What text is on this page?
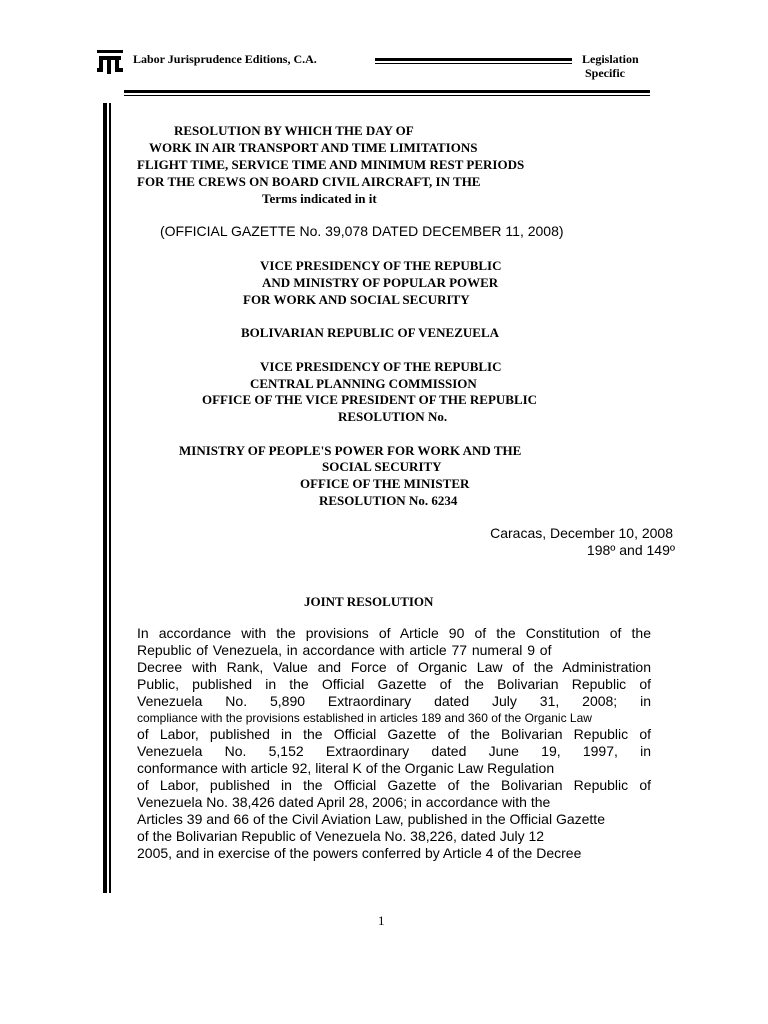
Labor Jurisprudence Editions, C.A.	Legislation
Specific
RESOLUTION BY WHICH THE DAY OF
WORK IN AIR TRANSPORT AND TIME LIMITATIONS
FLIGHT TIME, SERVICE TIME AND MINIMUM REST PERIODS
FOR THE CREWS ON BOARD CIVIL AIRCRAFT, IN THE
Terms indicated in it
(OFFICIAL GAZETTE No. 39,078 DATED DECEMBER 11, 2008)
VICE PRESIDENCY OF THE REPUBLIC
AND MINISTRY OF POPULAR POWER
FOR WORK AND SOCIAL SECURITY
BOLIVARIAN REPUBLIC OF VENEZUELA
VICE PRESIDENCY OF THE REPUBLIC
CENTRAL PLANNING COMMISSION
OFFICE OF THE VICE PRESIDENT OF THE REPUBLIC
RESOLUTION No.
MINISTRY OF PEOPLE'S POWER FOR WORK AND THE
SOCIAL SECURITY
OFFICE OF THE MINISTER
RESOLUTION No. 6234
Caracas, December 10, 2008
198º and 149º
JOINT RESOLUTION
In accordance with the provisions of Article 90 of the Constitution of the
Republic of Venezuela, in accordance with article 77 numeral 9 of
Decree with Rank, Value and Force of Organic Law of the Administration
Public, published in the Official Gazette of the Bolivarian Republic of
Venezuela No. 5,890 Extraordinary dated July 31, 2008; in
compliance with the provisions established in articles 189 and 360 of the Organic Law
of Labor, published in the Official Gazette of the Bolivarian Republic of
Venezuela No. 5,152 Extraordinary dated June 19, 1997, in
conformance with article 92, literal K of the Organic Law Regulation
of Labor, published in the Official Gazette of the Bolivarian Republic of
Venezuela No. 38,426 dated April 28, 2006; in accordance with the
Articles 39 and 66 of the Civil Aviation Law, published in the Official Gazette
of the Bolivarian Republic of Venezuela No. 38,226, dated July 12
2005, and in exercise of the powers conferred by Article 4 of the Decree
1
